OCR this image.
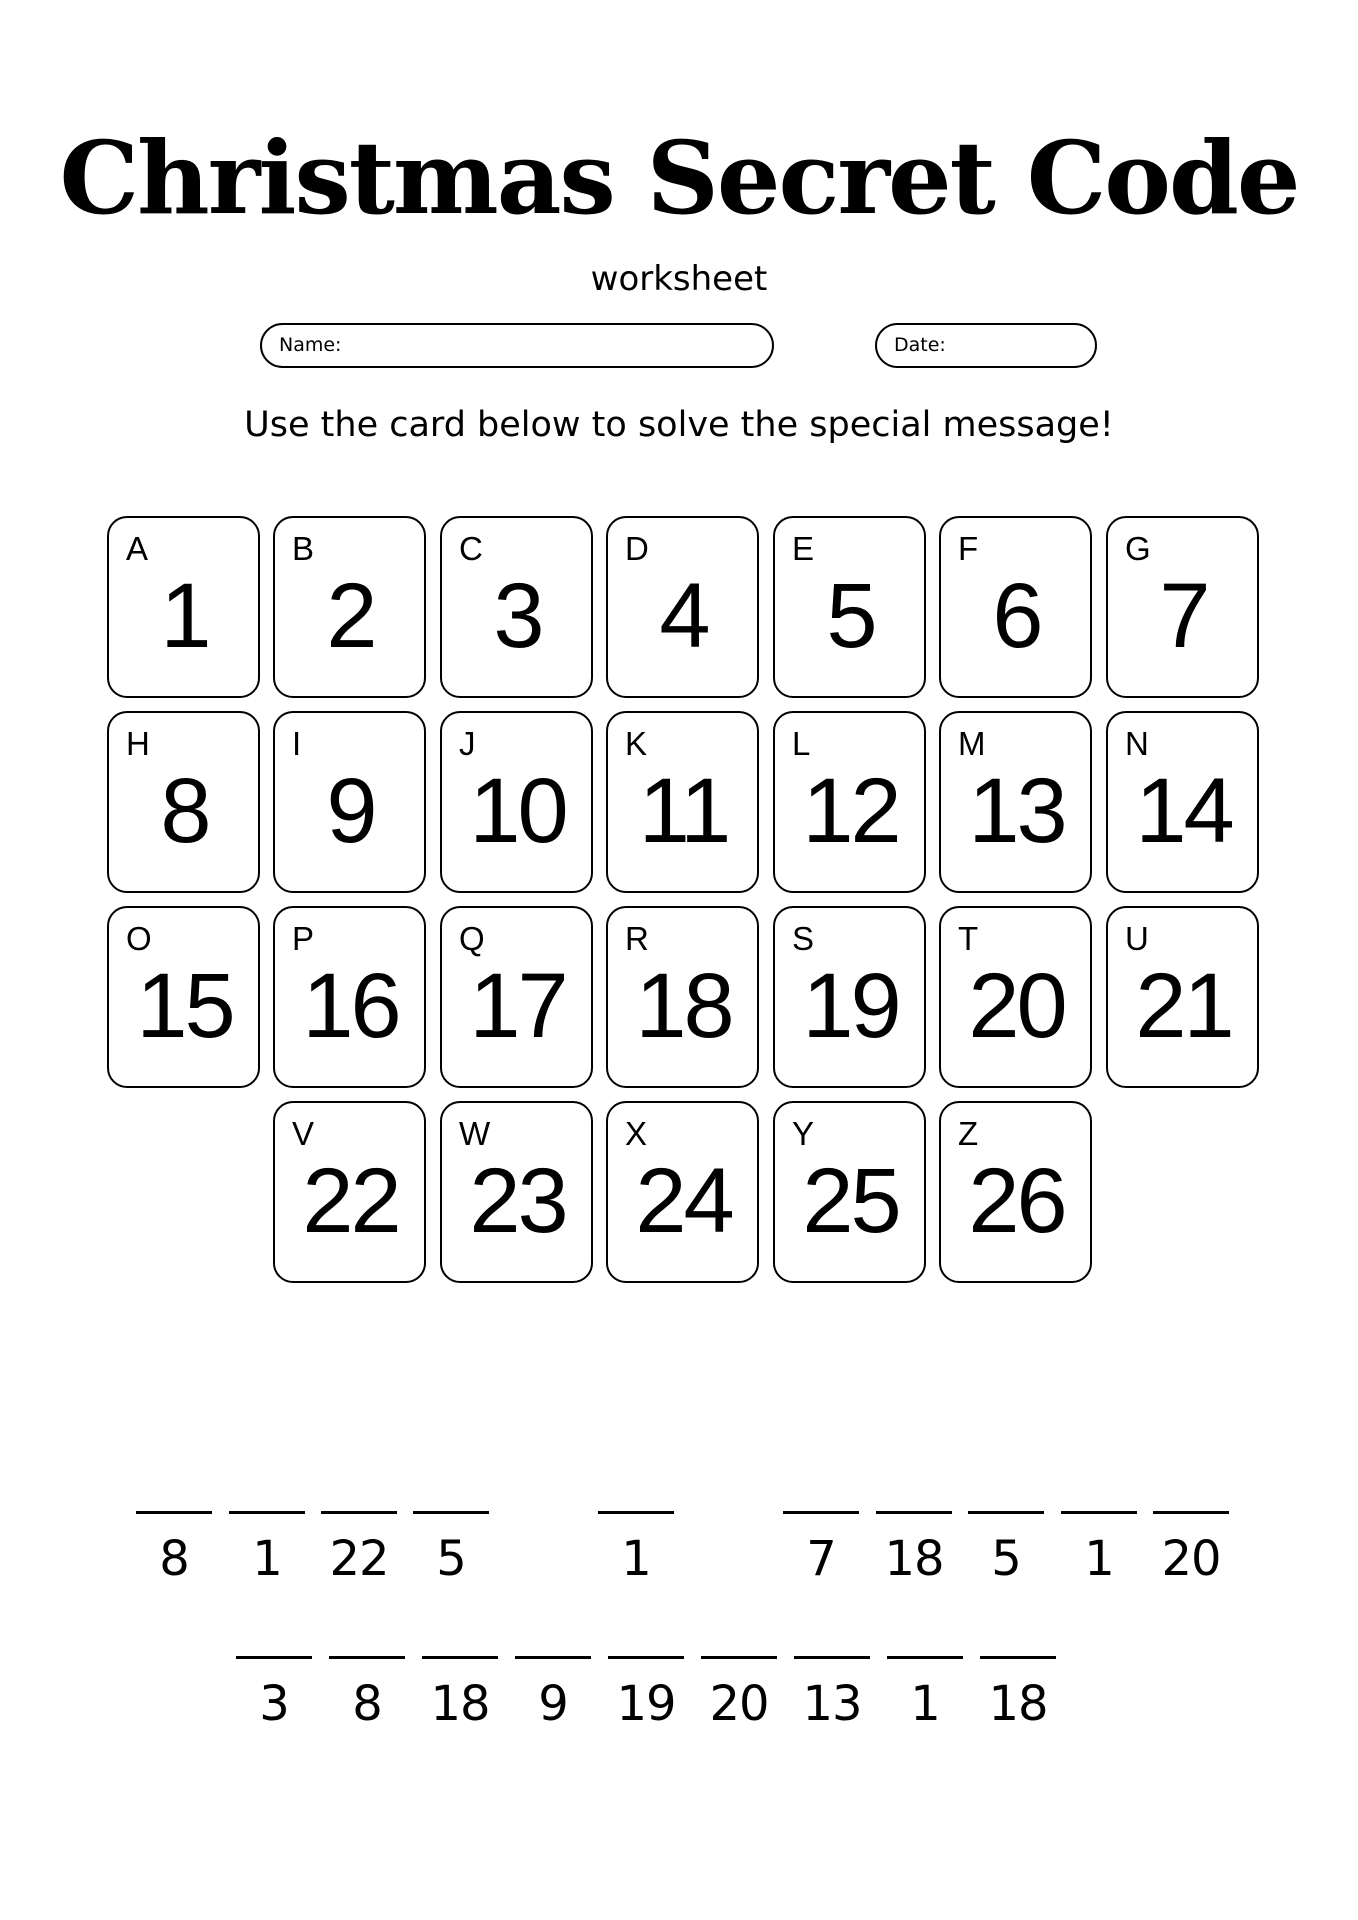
Christmas Secret Code
worksheet
Name:	Date:
Use the card below to solve the special message!
A
1
B
2
C
3
D
4
E
5
F
6
G
7
H
8
I
9
J
10
K
11
L
12
M
13
N
14
O
15
P
16
Q
17
R
18
S
19
T
20
U
21
V
22
W
23
X
24
Y
25
Z
26
8	1 22 5	1	7	18 5	1 20
3	8	18	9	19 20 13	1	18
